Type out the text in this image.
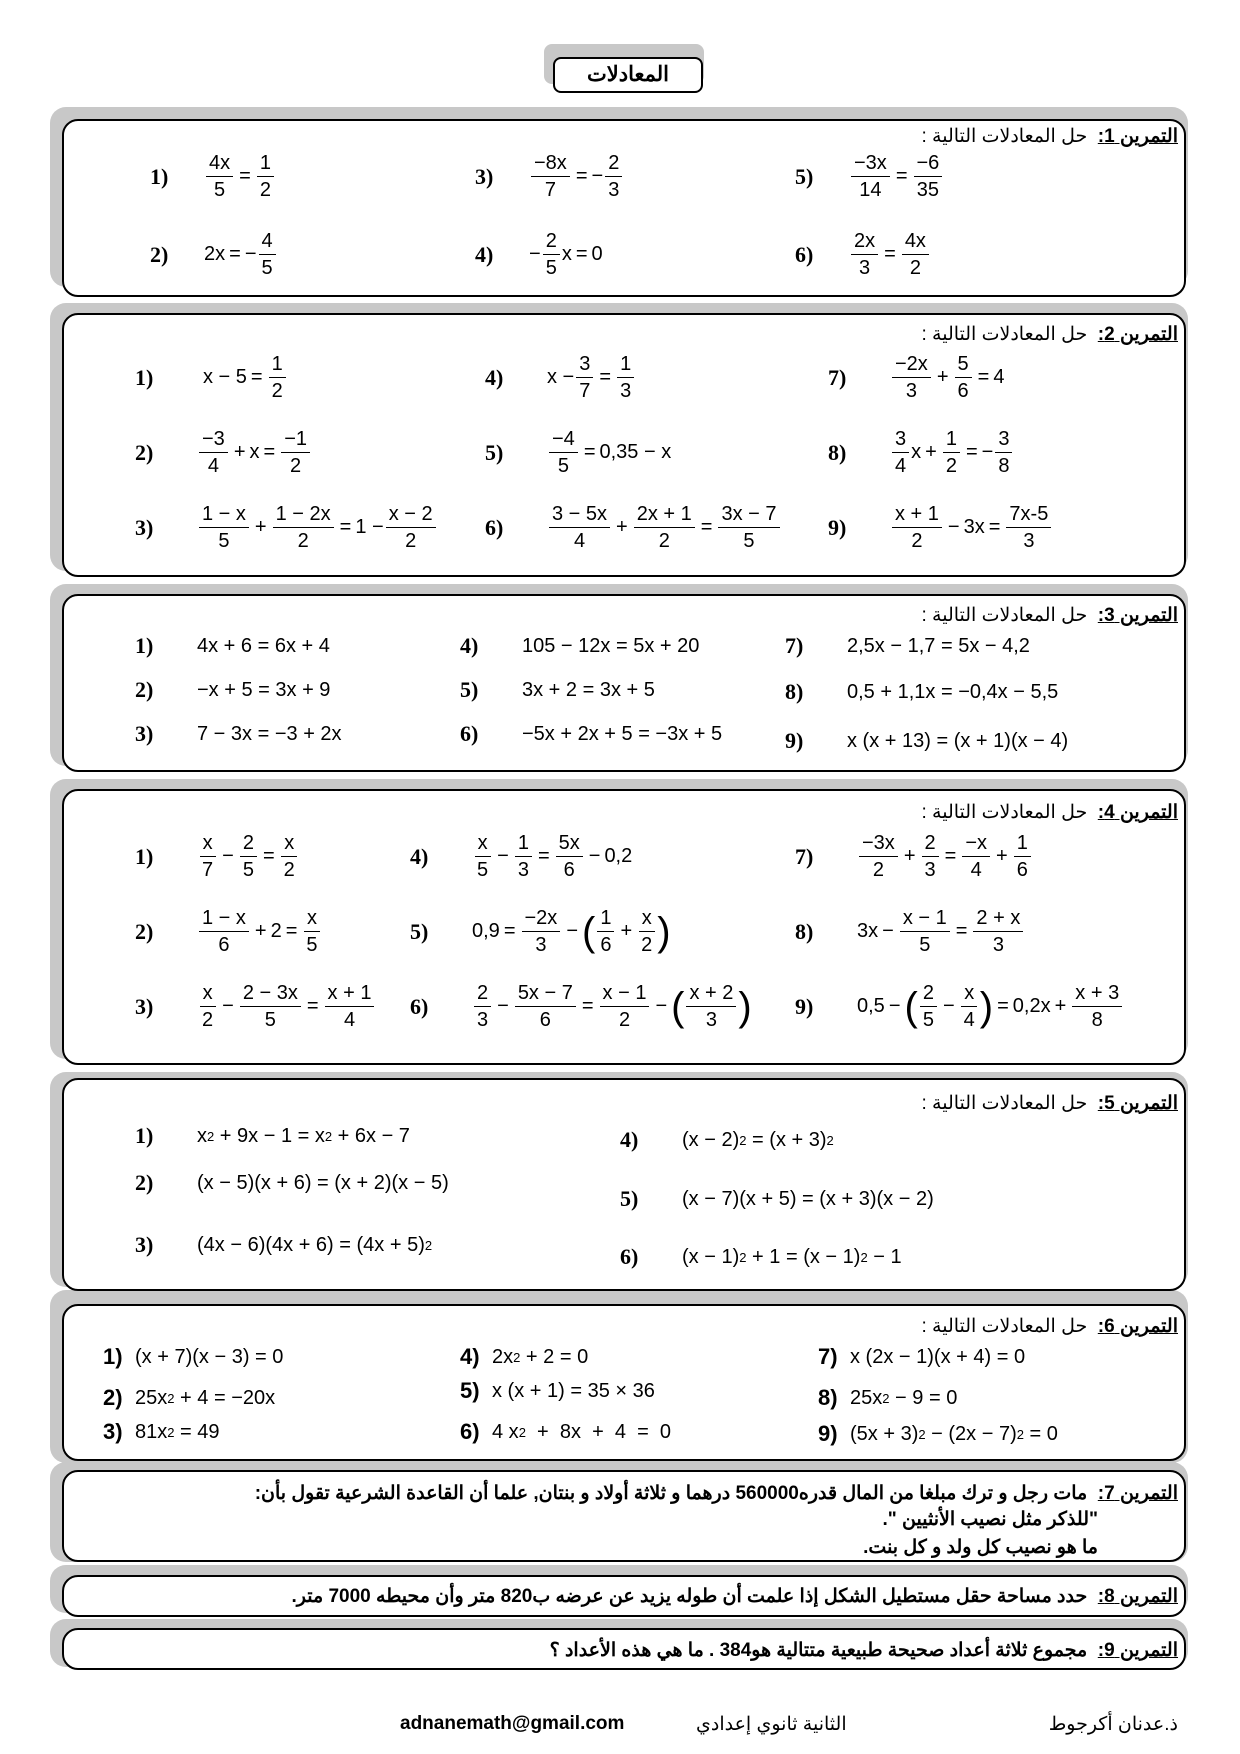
المعادلات
التمرين 1:  حل المعادلات التالية :
1)	$\frac{4x}{5} = \frac{1}{2}$
2)	2x = − $\frac{4}{5}$
3)	$\frac{-8x}{7}$ = − $\frac{2}{3}$
4)	− $\frac{2}{5}$ x = 0
5)	$\frac{-3x}{14} = \frac{-6}{35}$
6)	$\frac{2x}{3} = \frac{4x}{2}$
التمرين 2:  حل المعادلات التالية :
1)	$x - 5 = \frac{1}{2}$
2)	$\frac{-3}{4} + x = \frac{-1}{2}$
3)	$\frac{1 - x}{5} + \frac{1 - 2x}{2} = 1 - \frac{x - 2}{2}$
4)	$x - \frac{3}{7} = \frac{1}{3}$
5)	$\frac{-4}{5} = 0,35 - x$
6)	$\frac{3 - 5x}{4} + \frac{2x + 1}{2} = \frac{3x - 7}{5}$
7)	$\frac{-2x}{3} + \frac{5}{6} = 4$
8)	$\frac{3}{4}$ $x + \frac{1}{2}$ = − $\frac{3}{8}$
9)	$\frac{x + 1}{2} - 3x = \frac{7x-5}{3}$
التمرين 3:  حل المعادلات التالية :
1)	4x + 6 = 6x + 4
2)	−x + 5 = 3x + 9
3)	7 − 3x = −3 + 2x
4)	105 − 12x = 5x + 20
5)	3x + 2 = 3x + 5
6)	−5x + 2x + 5 = −3x + 5
7)	2,5x − 1,7 = 5x − 4,2
8)	0,5 + 1,1x = −0,4x − 5,5
9)	x (x + 13) = (x + 1)(x − 4)
التمرين 4:  حل المعادلات التالية :
1)	$\frac{x}{7} - \frac{2}{5} = \frac{x}{2}$
2)	$\frac{1 - x}{6} + 2 = \frac{x}{5}$
3)	$\frac{x}{2} - \frac{2 - 3x}{5} = \frac{x + 1}{4}$
4)	$\frac{x}{5} - \frac{1}{3} = \frac{5x}{6} - 0,2$
5)	$0,9 = \frac{-2x}{3}$ − ( $\frac{1}{6} + \frac{x}{2}$ )
6)	$\frac{2}{3} - \frac{5x - 7}{6} = \frac{x - 1}{2}$ − ( $\frac{x + 2}{3}$ )
7)	$\frac{-3x}{2} + \frac{2}{3} = \frac{-x}{4} + \frac{1}{6}$
8)	$3x - \frac{x - 1}{5} = \frac{2 + x}{3}$
9)	0,5 − ( $\frac{2}{5} - \frac{x}{4}$ ) = $0,2x + \frac{x + 3}{8}$
التمرين 5:  حل المعادلات التالية :
1)	x 2 + 9x − 1 = x 2 + 6x − 7
2)	(x − 5)(x + 6) = (x + 2)(x − 5)
3)	(4x − 6)(4x + 6) = (4x + 5) 2
4)	(x − 2) 2 = (x + 3) 2
5)	(x − 7)(x + 5) = (x + 3)(x − 2)
6)	(x − 1) 2 + 1 = (x − 1) 2 − 1
التمرين 6:  حل المعادلات التالية :
1) (x + 7)(x − 3) = 0
2) 25x 2 + 4 = −20x
3) 81x 2 = 49
4) 2x 2 + 2 = 0
5) x (x + 1) = 35 × 36
6) 4 x 2 +  8x  +  4  =  0
7) x (2x − 1)(x + 4) = 0
8) 25x 2 − 9 = 0
9) (5x + 3) 2 − (2x − 7) 2 = 0
التمرين 7:  مات رجل و ترك مبلغا من المال قدره560000 درهما و ثلاثة أولاد و بنتان, علما أن القاعدة الشرعية تقول بأن:
"للذكر مثل نصيب الأنثيين ".
ما هو نصيب كل ولد و كل بنت.
التمرين 8:  حدد مساحة حقل مستطيل الشكل إذا علمت أن طوله يزيد عن عرضه ب820 متر وأن محيطه 7000 متر.
التمرين 9:  مجموع ثلاثة أعداد صحيحة طبيعية متتالية هو384 . ما هي هذه الأعداد ؟
ذ.عدنان أكرجوط
الثانية ثانوي إعدادي
adnanemath@gmail.com
